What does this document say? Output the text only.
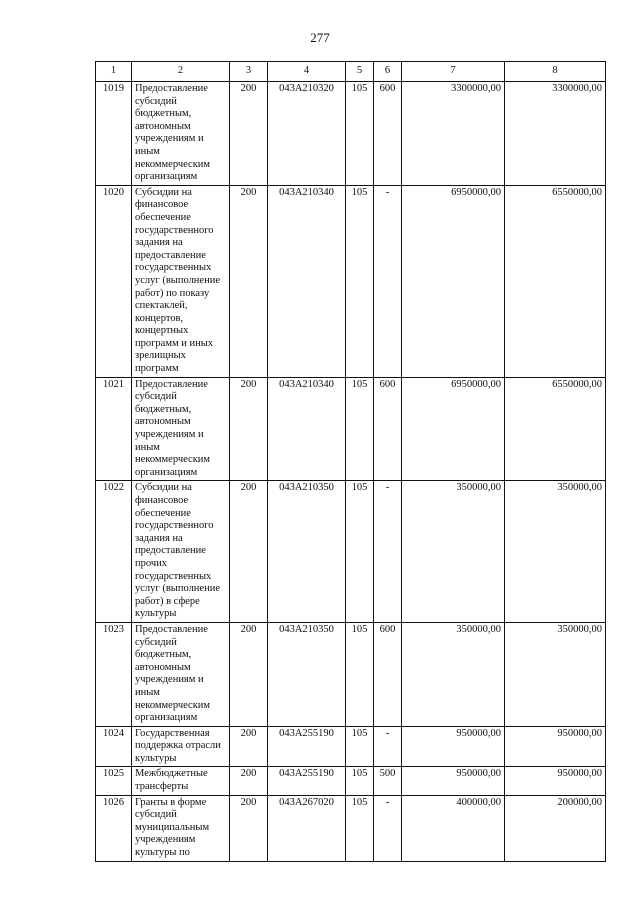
277
1	2	3	4	5	6	7	8
1019	Предоставление субсидий бюджетным, автономным учреждениям и иным некоммерческим организациям	200	043А210320	105	600	3300000,00	3300000,00
1020	Субсидии на финансовое обеспечение государственного задания на предоставление государственных услуг (выполнение работ) по показу спектаклей, концертов, концертных программ и иных зрелищных программ	200	043А210340	105	-	6950000,00	6550000,00
1021	Предоставление субсидий бюджетным, автономным учреждениям и иным некоммерческим организациям	200	043А210340	105	600	6950000,00	6550000,00
1022	Субсидии на финансовое обеспечение государственного задания на предоставление прочих государственных услуг (выполнение работ) в сфере культуры	200	043А210350	105	-	350000,00	350000,00
1023	Предоставление субсидий бюджетным, автономным учреждениям и иным некоммерческим организациям	200	043А210350	105	600	350000,00	350000,00
1024	Государственная поддержка отрасли культуры	200	043А255190	105	-	950000,00	950000,00
1025	Межбюджетные трансферты	200	043А255190	105	500	950000,00	950000,00
1026	Гранты в форме субсидий муниципальным учреждениям культуры по	200	043А267020	105	-	400000,00	200000,00
